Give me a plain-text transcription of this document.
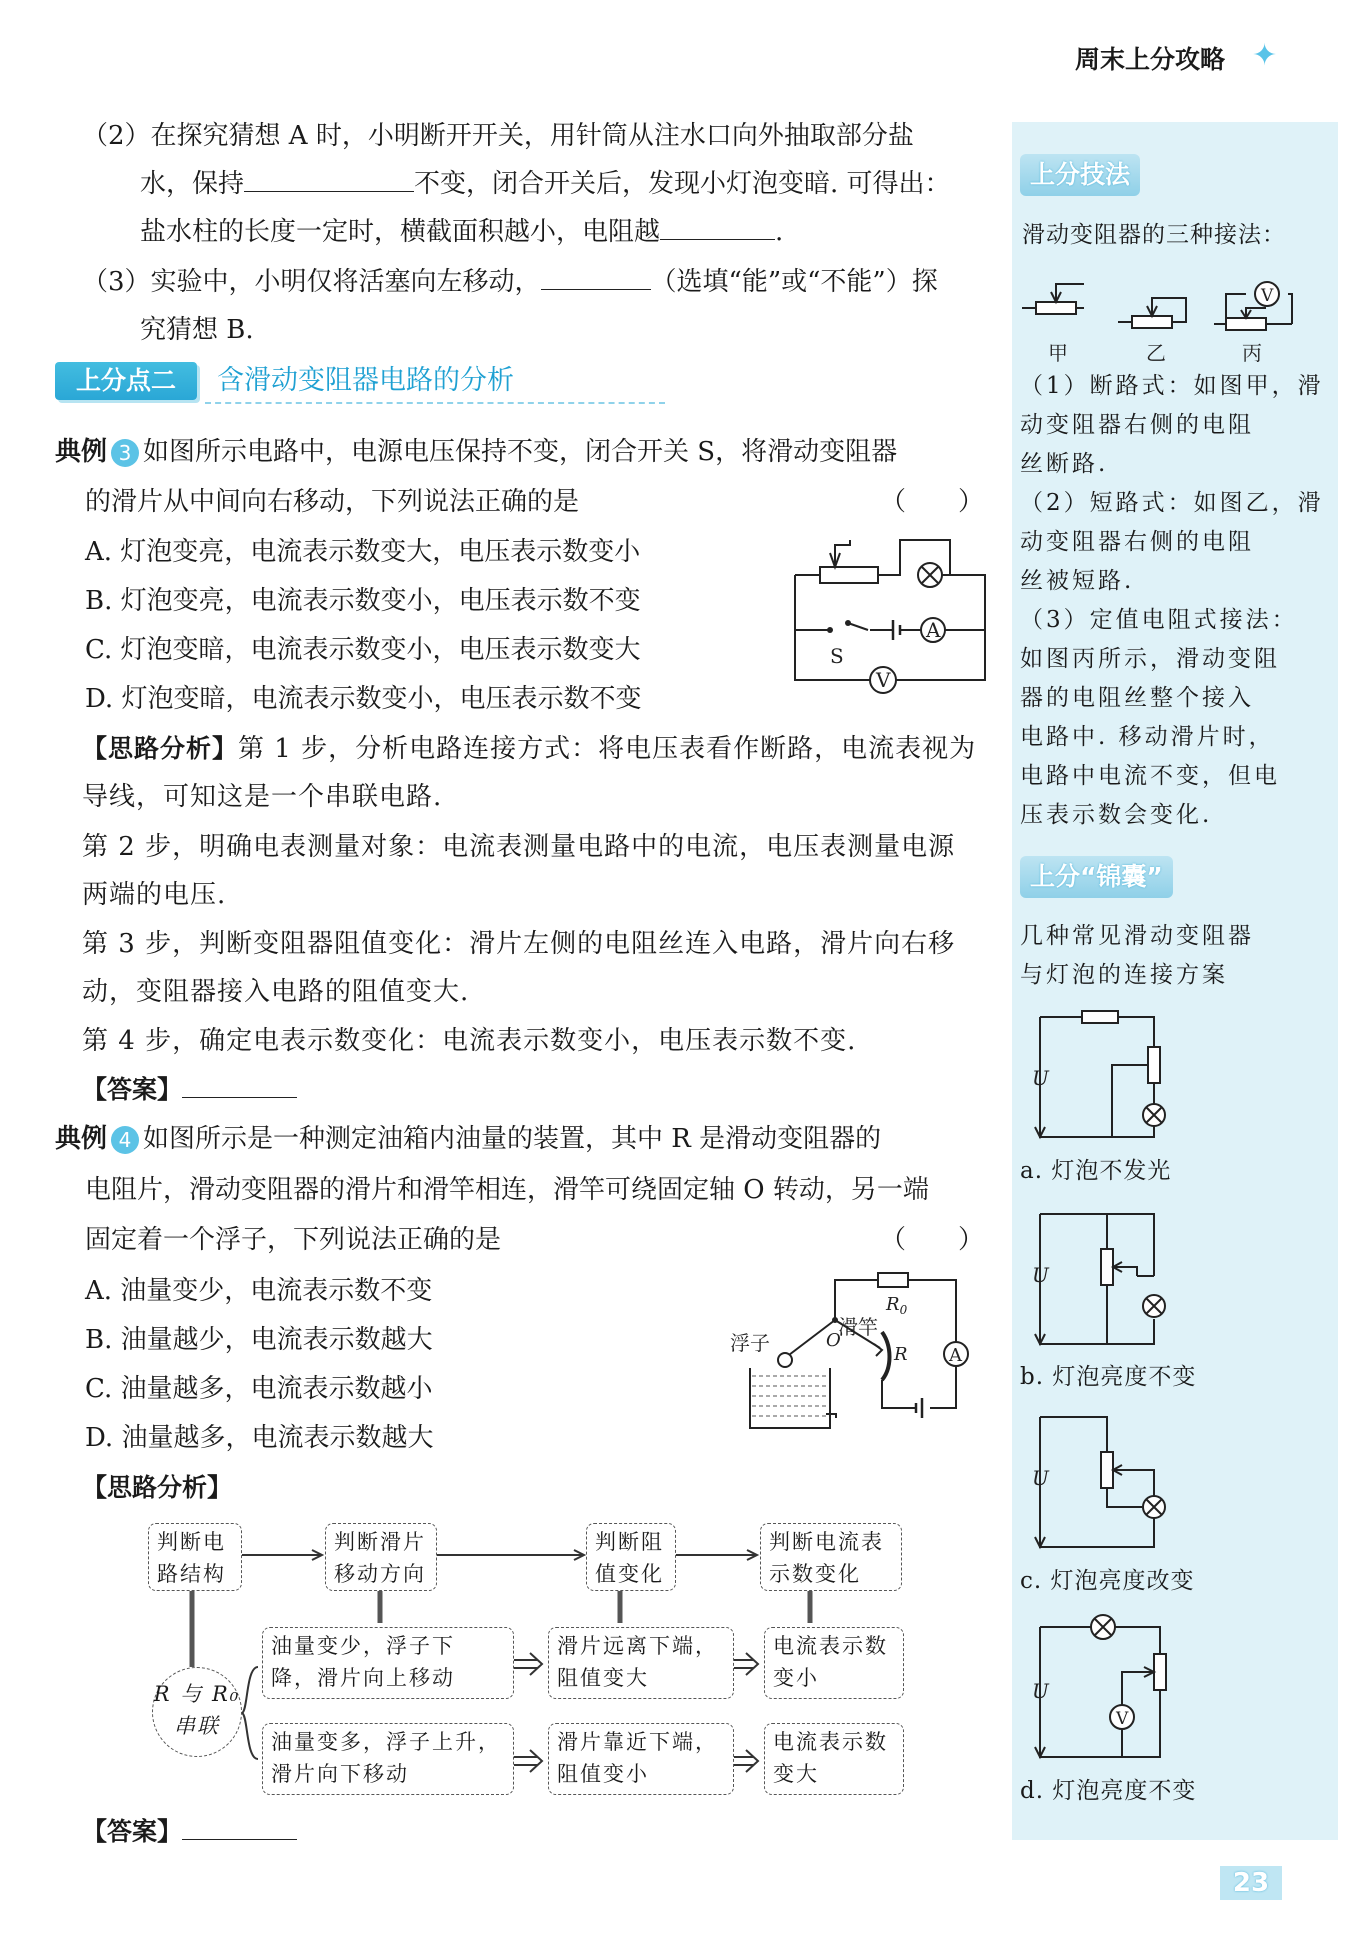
周末上分攻略 ✦
（2）在探究猜想 A 时，小明断开开关，用针筒从注水口向外抽取部分盐
水，保持	不变，闭合开关后，发现小灯泡变暗. 可得出：
盐水柱的长度一定时，横截面积越小，电阻越	.
（3）实验中，小明仅将活塞向左移动，	（选填“能”或“不能”）探
究猜想 B.
上分点二	含滑动变阻器电路的分析
典例 3 如图所示电路中，电源电压保持不变，闭合开关 S，将滑动变阻器
的滑片从中间向右移动，下列说法正确的是	（　　）
A. 灯泡变亮，电流表示数变大，电压表示数变小
B. 灯泡变亮，电流表示数变小，电压表示数不变
C. 灯泡变暗，电流表示数变小，电压表示数变大
D. 灯泡变暗，电流表示数变小，电压表示数不变
S
A
V
【思路分析】第 1 步，分析电路连接方式：将电压表看作断路，电流表视为
导线，可知这是一个串联电路.
第 2 步，明确电表测量对象：电流表测量电路中的电流，电压表测量电源
两端的电压.
第 3 步，判断变阻器阻值变化：滑片左侧的电阻丝连入电路，滑片向右移
动，变阻器接入电路的阻值变大.
第 4 步，确定电表示数变化：电流表示数变小，电压表示数不变.
【答案】
典例 4 如图所示是一种测定油箱内油量的装置，其中 R 是滑动变阻器的
电阻片，滑动变阻器的滑片和滑竿相连，滑竿可绕固定轴 O 转动，另一端
固定着一个浮子，下列说法正确的是	（　　）
A. 油量变少，电流表示数不变
B. 油量越少，电流表示数越大
C. 油量越多，电流表示数越小
D. 油量越多，电流表示数越大
浮子
滑竿
$R_0$
O
R A
【思路分析】
判断电
路结构
判断滑片
移动方向
判断阻
值变化
判断电流表
示数变化
R 与 R₀
串联
油量变少，浮子下
降，滑片向上移动
滑片远离下端，
阻值变大
电流表示数
变小
油量变多，浮子上升，
滑片向下移动
滑片靠近下端，
阻值变小
电流表示数
变大
【答案】
上分技法
滑动变阻器的三种接法：
V
甲	乙	丙
（1）断路式：如图甲，滑
动变阻器右侧的电阻
丝断路.
（2）短路式：如图乙，滑
动变阻器右侧的电阻
丝被短路.
（3）定值电阻式接法：
如图丙所示，滑动变阻
器的电阻丝整个接入
电路中. 移动滑片时，
电路中电流不变，但电
压表示数会变化.
上分“锦囊”
几种常见滑动变阻器
与灯泡的连接方案
U
a. 灯泡不发光
U
b. 灯泡亮度不变
U
c. 灯泡亮度改变
V
U
d. 灯泡亮度不变
23
